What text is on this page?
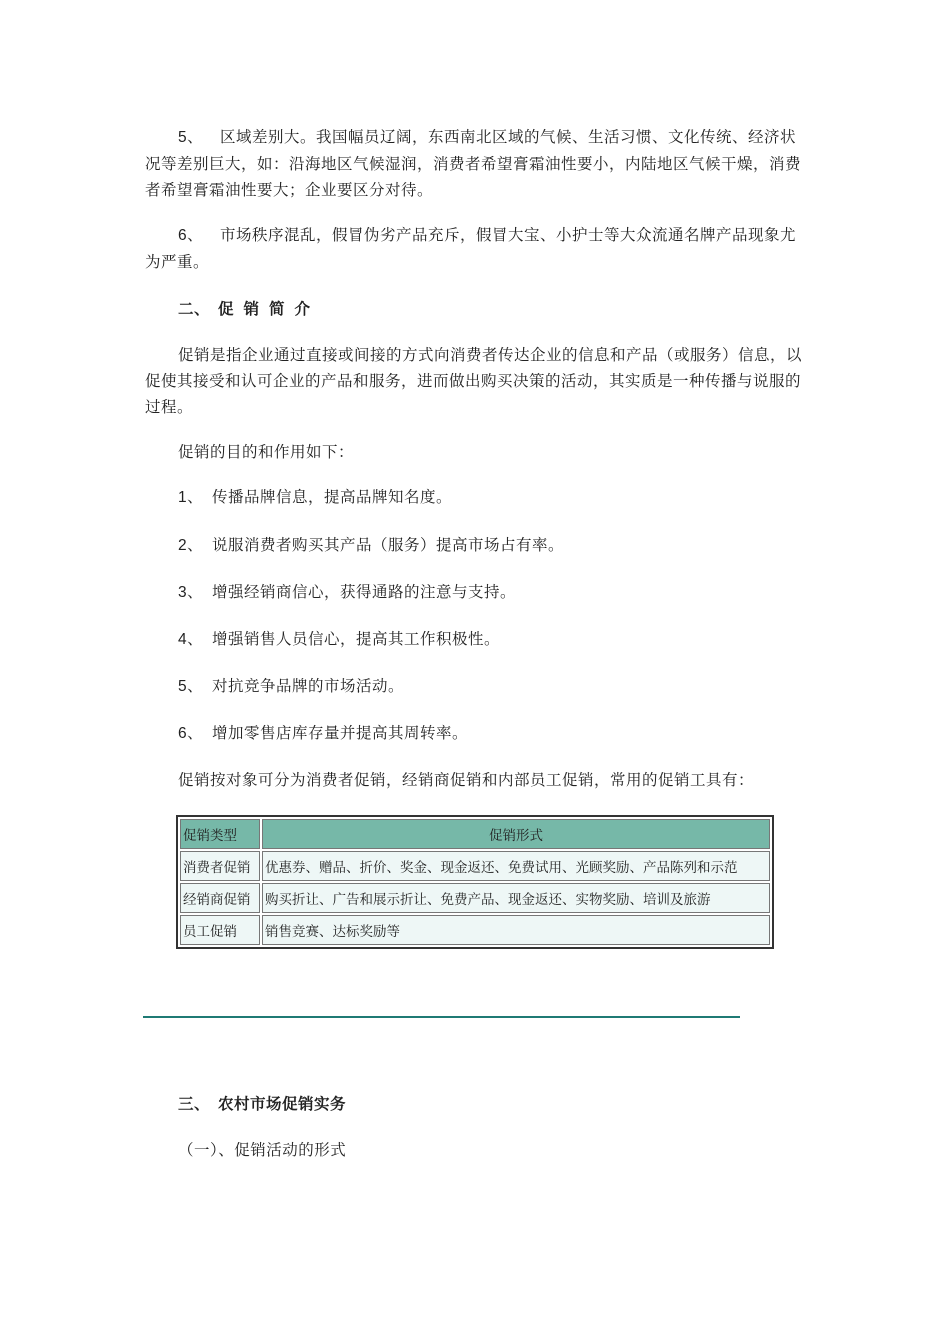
5、 区域差别大。我国幅员辽阔，东西南北区域的气候、生活习惯、文化传统、经济状况等差别巨大，如：沿海地区气候湿润，消费者希望膏霜油性要小，内陆地区气候干燥，消费者希望膏霜油性要大；企业要区分对待。
6、 市场秩序混乱，假冒伪劣产品充斥，假冒大宝、小护士等大众流通名牌产品现象尤为严重。
二、 促销简介
促销是指企业通过直接或间接的方式向消费者传达企业的信息和产品（或服务）信息，以促使其接受和认可企业的产品和服务，进而做出购买决策的活动，其实质是一种传播与说服的过程。
促销的目的和作用如下：
1、 传播品牌信息，提高品牌知名度。
2、 说服消费者购买其产品（服务）提高市场占有率。
3、 增强经销商信心，获得通路的注意与支持。
4、 增强销售人员信心，提高其工作积极性。
5、 对抗竞争品牌的市场活动。
6、 增加零售店库存量并提高其周转率。
促销按对象可分为消费者促销，经销商促销和内部员工促销，常用的促销工具有：
促销类型	促销形式
消费者促销	优惠券、赠品、折价、奖金、现金返还、免费试用、光顾奖励、产品陈列和示范
经销商促销	购买折让、广告和展示折让、免费产品、现金返还、实物奖励、培训及旅游
员工促销	销售竞赛、达标奖励等
三、 农村市场促销实务
（一）、促销活动的形式
